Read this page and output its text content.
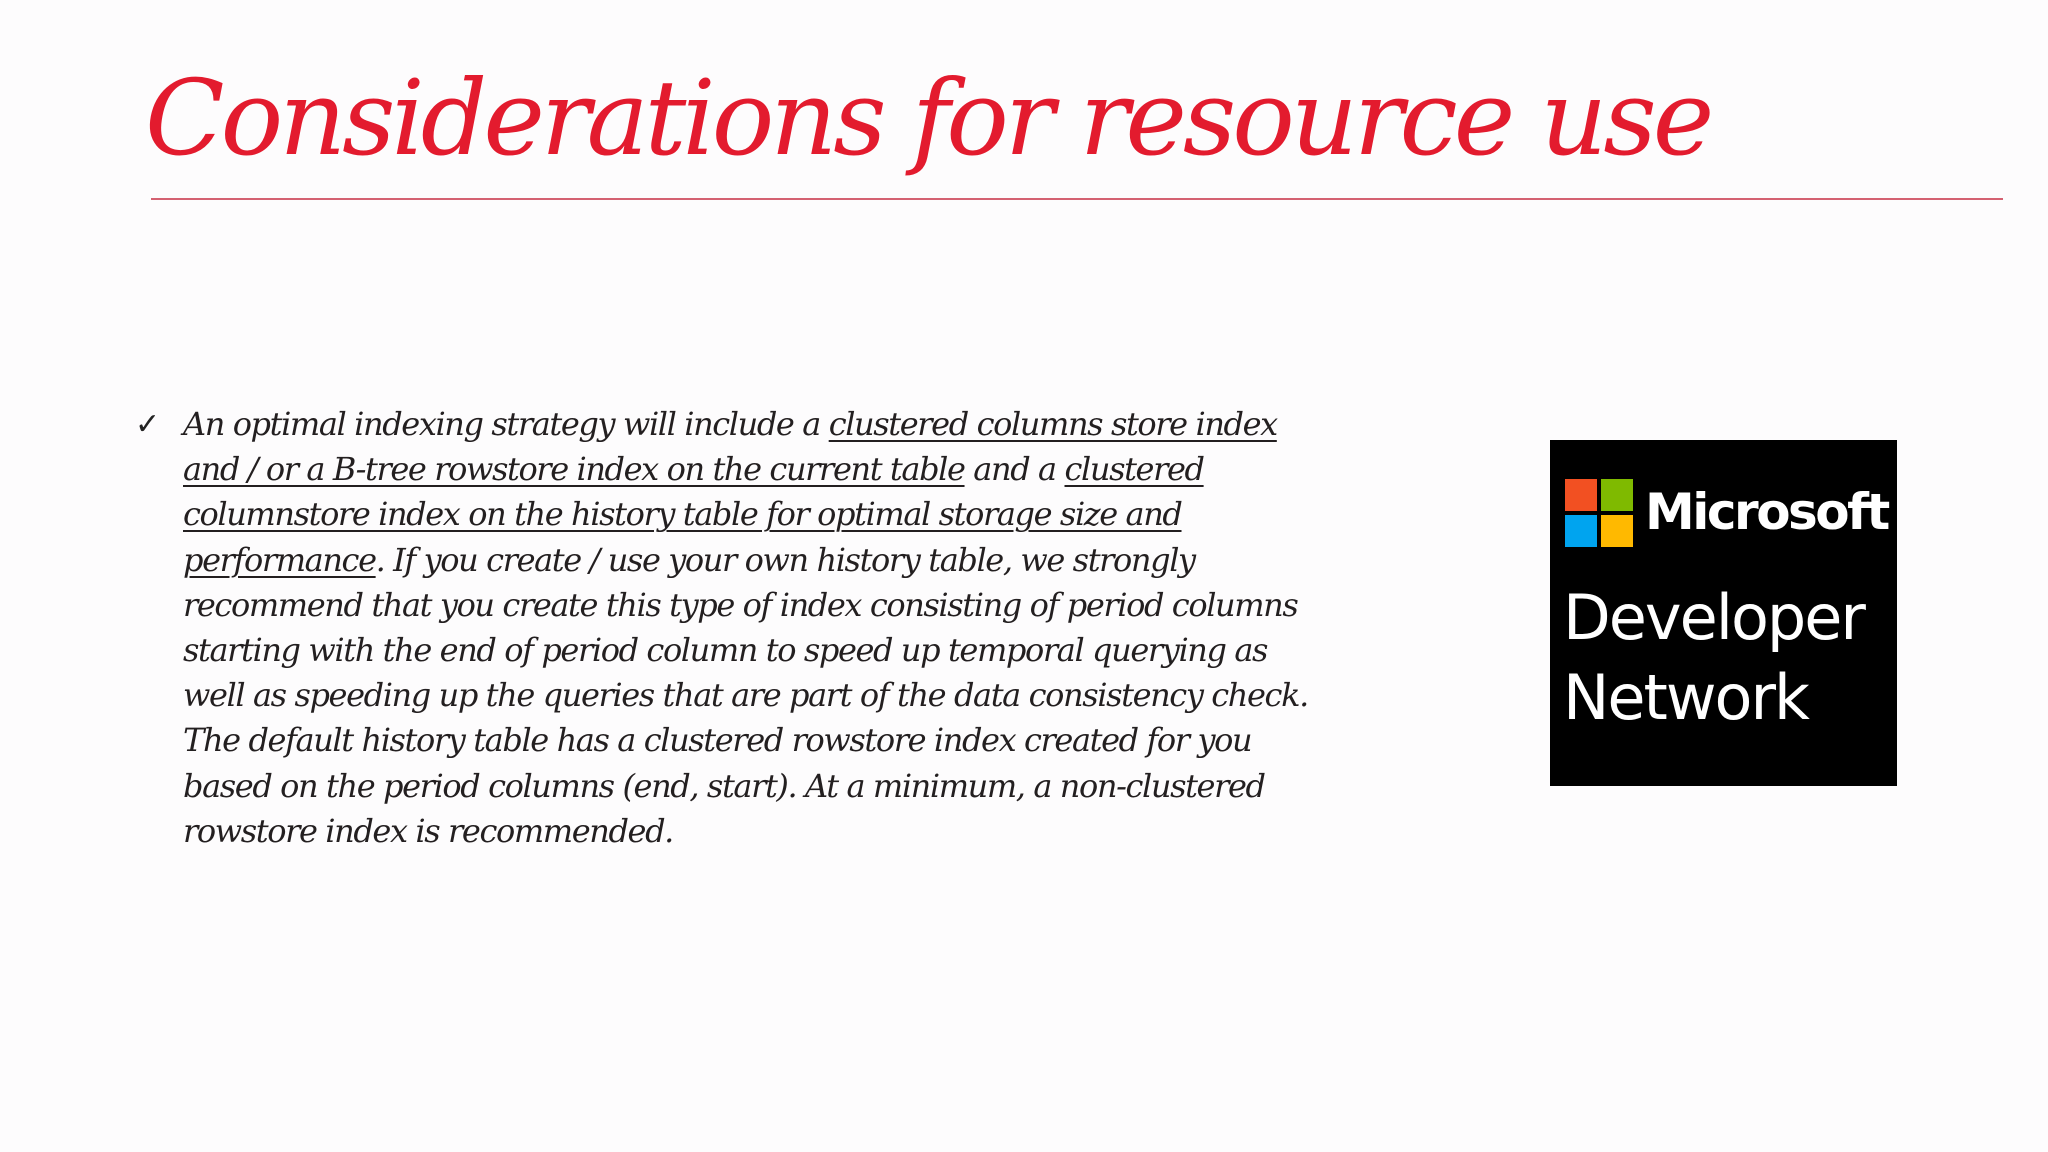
Considerations for resource use
✓ An optimal indexing strategy will include a clustered columns store index
and / or a B-tree rowstore index on the current table and a clustered
columnstore index on the history table for optimal storage size and
performance. If you create / use your own history table, we strongly
recommend that you create this type of index consisting of period columns
starting with the end of period column to speed up temporal querying as
well as speeding up the queries that are part of the data consistency check.
The default history table has a clustered rowstore index created for you
based on the period columns (end, start). At a minimum, a non-clustered
rowstore index is recommended.

Microsoft
Developer
Network
